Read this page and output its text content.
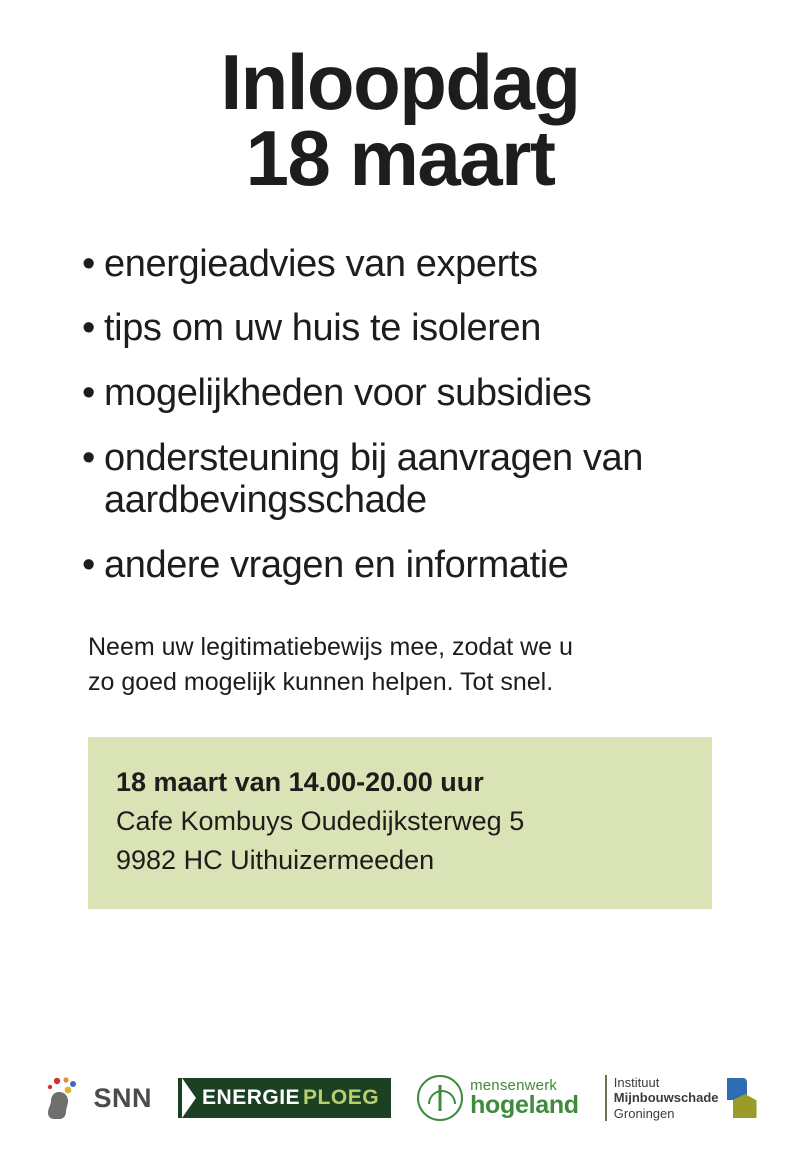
Inloopdag
18 maart
• energieadvies van experts
• tips om uw huis te isoleren
• mogelijkheden voor subsidies
• ondersteuning bij aanvragen van aardbevingsschade
• andere vragen en informatie
Neem uw legitimatiebewijs mee, zodat we u
zo goed mogelijk kunnen helpen. Tot snel.
18 maart van 14.00-20.00 uur
Cafe Kombuys Oudedijksterweg 5
9982 HC Uithuizermeeden
SNN ENERGIE PLOEG
mensenwerk
hogeland
Instituut
Mijnbouwschade
Groningen
